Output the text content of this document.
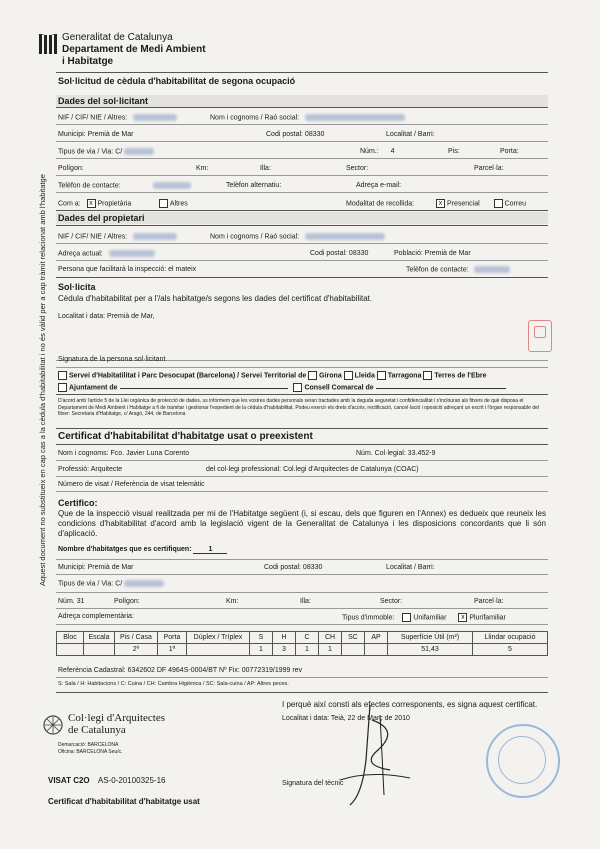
Generalitat de Catalunya
Departament de Medi Ambient
i Habitatge
Aquest document no substitueix en cap cas a la cèdula d'habitabilitat i no és vàlid per a cap tràmit relacionat amb l'habitatge
Sol·licitud de cèdula d'habitabilitat de segona ocupació
Dades del sol·licitant
NIF / CIF/ NIE / Altres:	Nom i cognoms / Raó social:
Municipi: Premià de Mar	Codi postal: 08330	Localitat / Barri:
Tipus de via / Via: C/	Núm.: 4	Pis:	Porta:
Polígon:	Km:	Illa:	Sector:	Parcel·la:
Telèfon de contacte:	Telèfon alternatiu:	Adreça e-mail:
Com a: x Propietària	Altres	Modalitat de recollida:	x Presencial	Correu
Dades del propietari
NIF / CIF/ NIE / Altres:	Nom i cognoms / Raó social:
Adreça actual:	Codi postal: 08330	Població: Premià de Mar
Persona que facilitarà la inspecció: el mateix	Telèfon de contacte:
Sol·licita
Cèdula d'habitabilitat per a l'/als habitatge/s segons les dades del certificat d'habitabilitat.
Localitat i data: Premià de Mar,
Signatura de la persona sol·licitant
Servei d'Habitatilitat i Parc Desocupat (Barcelona) / Servei Territorial de Girona Lleida Tarragona Terres de l'Ebre
Ajuntament de	Consell Comarcal de
D'acord amb l'article 5 de la Llei orgànica de protecció de dades, us informem que les vostres dades personals seran tractades amb la deguda seguretat i confidencialitat i s'inclouran als fitxers de què disposa el Departament de Medi Ambient i Habitatge a fi de tramitar i gestionar l'expedient de la cèdula d'habitabilitat. Podeu exercir els drets d'accés, rectificació, cancel·lació i oposició adreçant un escrit i l'òrgan responsable del fitxer: Secretaria d'Habitatge, c/ Aragó, 244, de Barcelona
Certificat d'habitabilitat d'habitatge usat o preexistent
Nom i cognoms: Fco. Javier Luna Corento	Núm. Col·legial: 33.452-9
Professió: Arquitecte	del col·legi professional: Col.legi d'Arquitectes de Catalunya (COAC)
Número de visat / Referència de visat telemàtic
Certifico:
Que de la inspecció visual realitzada per mi de l'Habitatge següent (i, si escau, dels que figuren en l'Annex) es dedueix que reuneix les condicions d'habitabilitat d'acord amb la legislació vigent de la Generalitat de Catalunya i les disposicions concordants que li són d'aplicació.
Nombre d'habitatges que es certifiquen: 1
Municipi: Premià de Mar	Codi postal: 08330	Localitat / Barri:
Tipus de via / Via: C/
Núm. 31	Polígon:	Km:	Illa:	Sector:	Parcel·la:
Adreça complementària:	Tipus d'immoble:	Unifamiliar x Plurifamiliar
Bloc	Escala	Pis / Casa	Porta	Dúplex / Tríplex	S	H	C	CH	SC	AP	Superfície Útil (m²)	Llindar ocupació
		2º	1ª		1	3	1	1			51,43	5
Referència Cadastral: 6342602 DF 4964S-0004/BT Nº Fix: 00772319/1999 rev
S: Sala / H: Habitacions / C: Cuina / CH: Cambra Higiènica / SC: Sala-cuina / AP: Altres peces.
I perquè així consti als efectes corresponents, es signa aquest certificat.
Localitat i data: Teià, 22 de Març de 2010
Signatura del tècnic
Col·legi d'Arquitectes
de Catalunya
Demarcació: BARCELONA
Oficina: BARCELONA Seu/c.
VISAT C2O AS-0-20100325-16
Certificat d'habitabilitat d'habitatge usat
